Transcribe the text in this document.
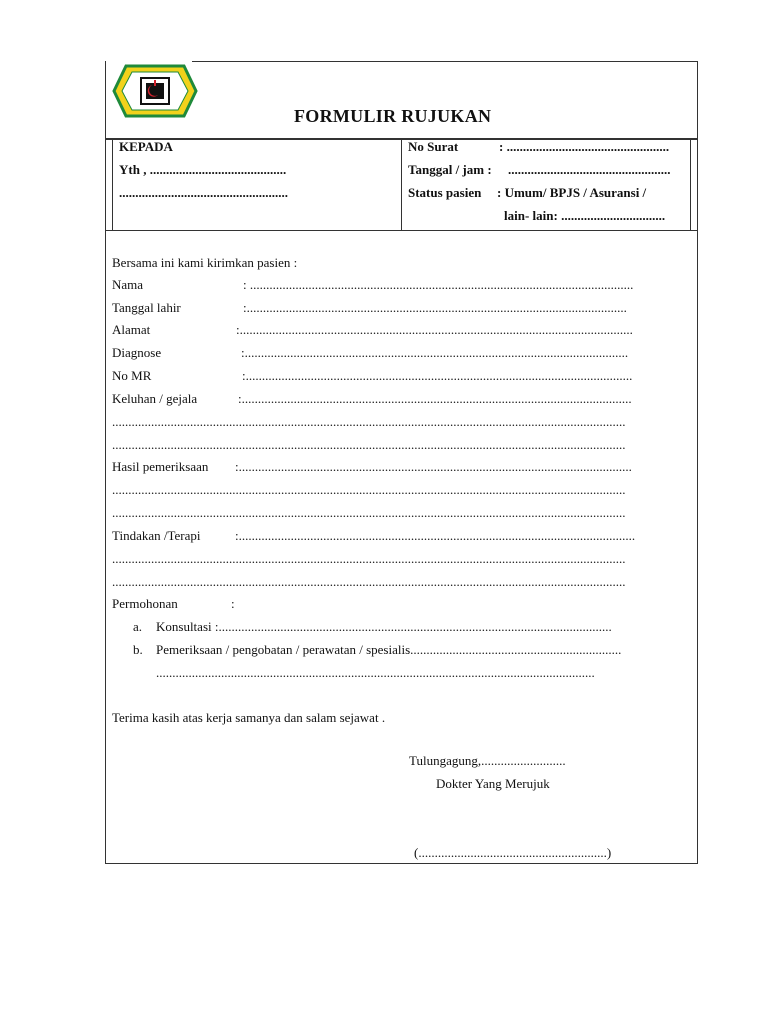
FORMULIR RUJUKAN
KEPADA
Yth , ..........................................
....................................................
No Surat	: ..................................................
Tanggal / jam : ..................................................
Status pasien : Umum/ BPJS / Asuransi /
lain- lain: ................................
Bersama ini kami kirimkan pasien :
Nama	: ......................................................................................................................
Tanggal lahir	:.....................................................................................................................
Alamat	:.........................................................................................................................
Diagnose	:......................................................................................................................
No MR	:.......................................................................................................................
Keluhan / gejala	:........................................................................................................................
..............................................................................................................................................................
..............................................................................................................................................................
Hasil pemeriksaan :.........................................................................................................................
..............................................................................................................................................................
..............................................................................................................................................................
Tindakan /Terapi	:..........................................................................................................................
..............................................................................................................................................................
..............................................................................................................................................................
Permohonan	:
a. Konsultasi :.........................................................................................................................
b. Pemeriksaan / pengobatan / perawatan / spesialis.................................................................
.......................................................................................................................................
Terima kasih atas kerja samanya dan salam sejawat .
Tulungagung,..........................
Dokter Yang Merujuk
(..........................................................)
